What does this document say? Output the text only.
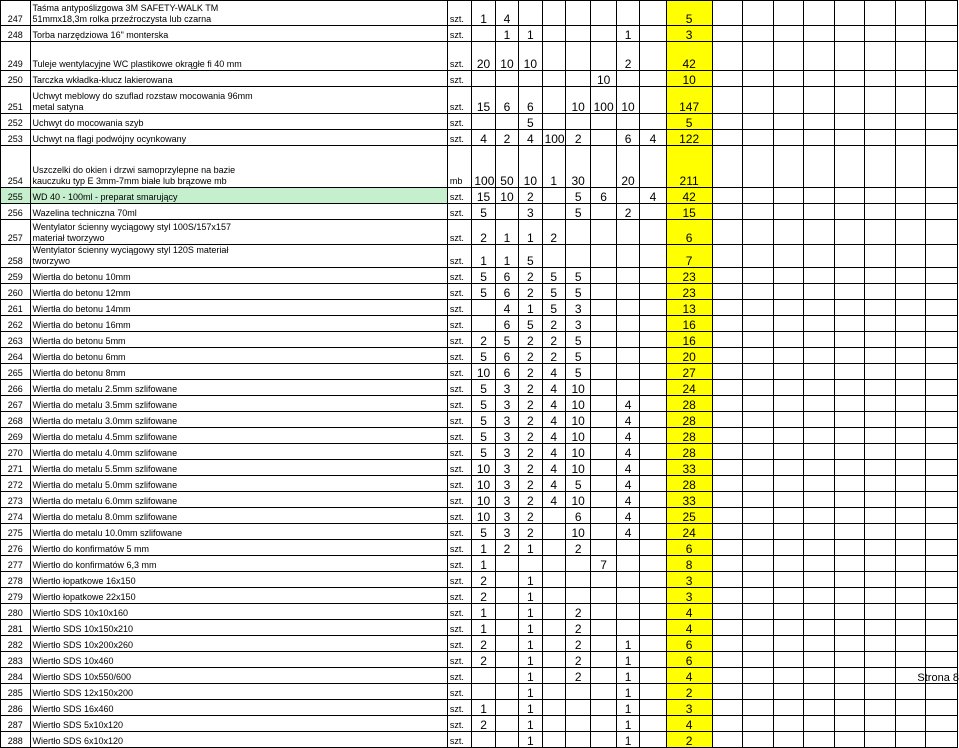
247	Taśma antypoślizgowa 3M SAFETY-WALK TM
51mmx18,3m rolka przeźroczysta lub czarna	szt.	1	4							5								
248	Torba narzędziowa 16" monterska	szt.		1	1				1		3								
249	Tuleje wentylacyjne WC plastikowe okrągłe fi 40 mm	szt.	20	10	10				2		42								
250	Tarczka wkładka-klucz lakierowana	szt.						10			10								
251	Uchwyt meblowy do szuflad rozstaw mocowania 96mm
metal satyna	szt.	15	6	6		10	100	10		147								
252	Uchwyt do mocowania szyb	szt.			5						5								
253	Uchwyt na flagi podwójny ocynkowany	szt.	4	2	4	100	2		6	4	122								
254	Uszczelki do okien i drzwi samoprzylepne na bazie
kauczuku typ E 3mm-7mm białe lub brązowe mb	mb	100	50	10	1	30		20		211								
255	WD 40 - 100ml - preparat smarujący	szt.	15	10	2		5	6		4	42								
256	Wazelina techniczna 70ml	szt.	5		3		5		2		15								
257	Wentylator ścienny wyciągowy styl 100S/157x157
materiał tworzywo	szt.	2	1	1	2					6								
258	Wentylator ścienny wyciągowy styl 120S materiał
tworzywo	szt.	1	1	5						7								
259	Wiertła do betonu 10mm	szt.	5	6	2	5	5				23								
260	Wiertła do betonu 12mm	szt.	5	6	2	5	5				23								
261	Wiertła do betonu 14mm	szt.		4	1	5	3				13								
262	Wiertła do betonu 16mm	szt.		6	5	2	3				16								
263	Wiertła do betonu 5mm	szt.	2	5	2	2	5				16								
264	Wiertła do betonu 6mm	szt.	5	6	2	2	5				20								
265	Wiertła do betonu 8mm	szt.	10	6	2	4	5				27								
266	Wiertła do metalu 2.5mm szlifowane	szt.	5	3	2	4	10				24								
267	Wiertła do metalu 3.5mm szlifowane	szt.	5	3	2	4	10		4		28								
268	Wiertła do metalu 3.0mm szlifowane	szt.	5	3	2	4	10		4		28								
269	Wiertła do metalu 4.5mm szlifowane	szt.	5	3	2	4	10		4		28								
270	Wiertła do metalu 4.0mm szlifowane	szt.	5	3	2	4	10		4		28								
271	Wiertła do metalu 5.5mm szlifowane	szt.	10	3	2	4	10		4		33								
272	Wiertła do metalu 5.0mm szlifowane	szt.	10	3	2	4	5		4		28								
273	Wiertła do metalu 6.0mm szlifowane	szt.	10	3	2	4	10		4		33								
274	Wiertła do metalu 8.0mm szlifowane	szt.	10	3	2		6		4		25								
275	Wiertła do metalu 10.0mm szlifowane	szt.	5	3	2		10		4		24								
276	Wiertło do konfirmatów 5 mm	szt.	1	2	1		2				6								
277	Wiertło do konfirmatów 6,3 mm	szt.	1					7			8								
278	Wiertło łopatkowe 16x150	szt.	2		1						3								
279	Wiertło łopatkowe 22x150	szt.	2		1						3								
280	Wiertło SDS 10x10x160	szt.	1		1		2				4								
281	Wiertło SDS 10x150x210	szt.	1		1		2				4								
282	Wiertło SDS 10x200x260	szt.	2		1		2		1		6								
283	Wiertło SDS 10x460	szt.	2		1		2		1		6								
284	Wiertło SDS 10x550/600	szt.			1		2		1		4								
285	Wiertło SDS 12x150x200	szt.			1				1		2								
286	Wiertło SDS 16x460	szt.	1		1				1		3								
287	Wiertło SDS 5x10x120	szt.	2		1				1		4								
288	Wiertło SDS 6x10x120	szt.			1				1		2								
Strona 8
